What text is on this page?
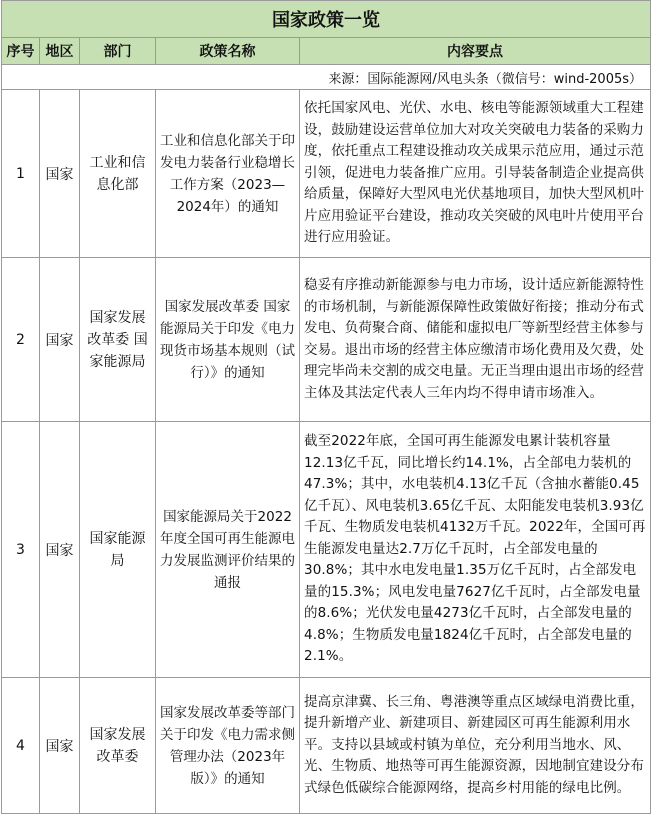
国家政策一览				
序号	地区	部门	政策名称	内容要点
来源：国际能源网/风电头条（微信号：wind-2005s）				
1	国家	工业和信息化部	工业和信息化部关于印发电力装备行业稳增长工作方案（2023—2024年）的通知	依托国家风电、光伏、水电、核电等能源领域重大工程建设，鼓励建设运营单位加大对攻关突破电力装备的采购力度，依托重点工程建设推动攻关成果示范应用，通过示范引领，促进电力装备推广应用。引导装备制造企业提高供给质量，保障好大型风电光伏基地项目，加快大型风机叶片应用验证平台建设，推动攻关突破的风电叶片使用平台进行应用验证。
2	国家	国家发展改革委 国家能源局	国家发展改革委 国家能源局关于印发《电力现货市场基本规则（试行）》的通知	稳妥有序推动新能源参与电力市场，设计适应新能源特性的市场机制，与新能源保障性政策做好衔接；推动分布式发电、负荷聚合商、储能和虚拟电厂等新型经营主体参与交易。退出市场的经营主体应缴清市场化费用及欠费，处理完毕尚未交割的成交电量。无正当理由退出市场的经营主体及其法定代表人三年内均不得申请市场准入。
3	国家	国家能源局	国家能源局关于2022年度全国可再生能源电力发展监测评价结果的通报	截至2022年底，全国可再生能源发电累计装机容量12.13亿千瓦，同比增长约14.1%，占全部电力装机的47.3%；其中，水电装机4.13亿千瓦（含抽水蓄能0.45亿千瓦）、风电装机3.65亿千瓦、太阳能发电装机3.93亿千瓦、生物质发电装机4132万千瓦。2022年，全国可再生能源发电量达2.7万亿千瓦时，占全部发电量的30.8%；其中水电发电量1.35万亿千瓦时，占全部发电量的15.3%；风电发电量7627亿千瓦时，占全部发电量的8.6%；光伏发电量4273亿千瓦时，占全部发电量的4.8%；生物质发电量1824亿千瓦时，占全部发电量的2.1%。
4	国家	国家发展改革委	国家发展改革委等部门关于印发《电力需求侧管理办法（2023年版）》的通知	提高京津冀、长三角、粤港澳等重点区域绿电消费比重，提升新增产业、新建项目、新建园区可再生能源利用水平。支持以县域或村镇为单位，充分利用当地水、风、光、生物质、地热等可再生能源资源，因地制宜建设分布式绿色低碳综合能源网络，提高乡村用能的绿电比例。
